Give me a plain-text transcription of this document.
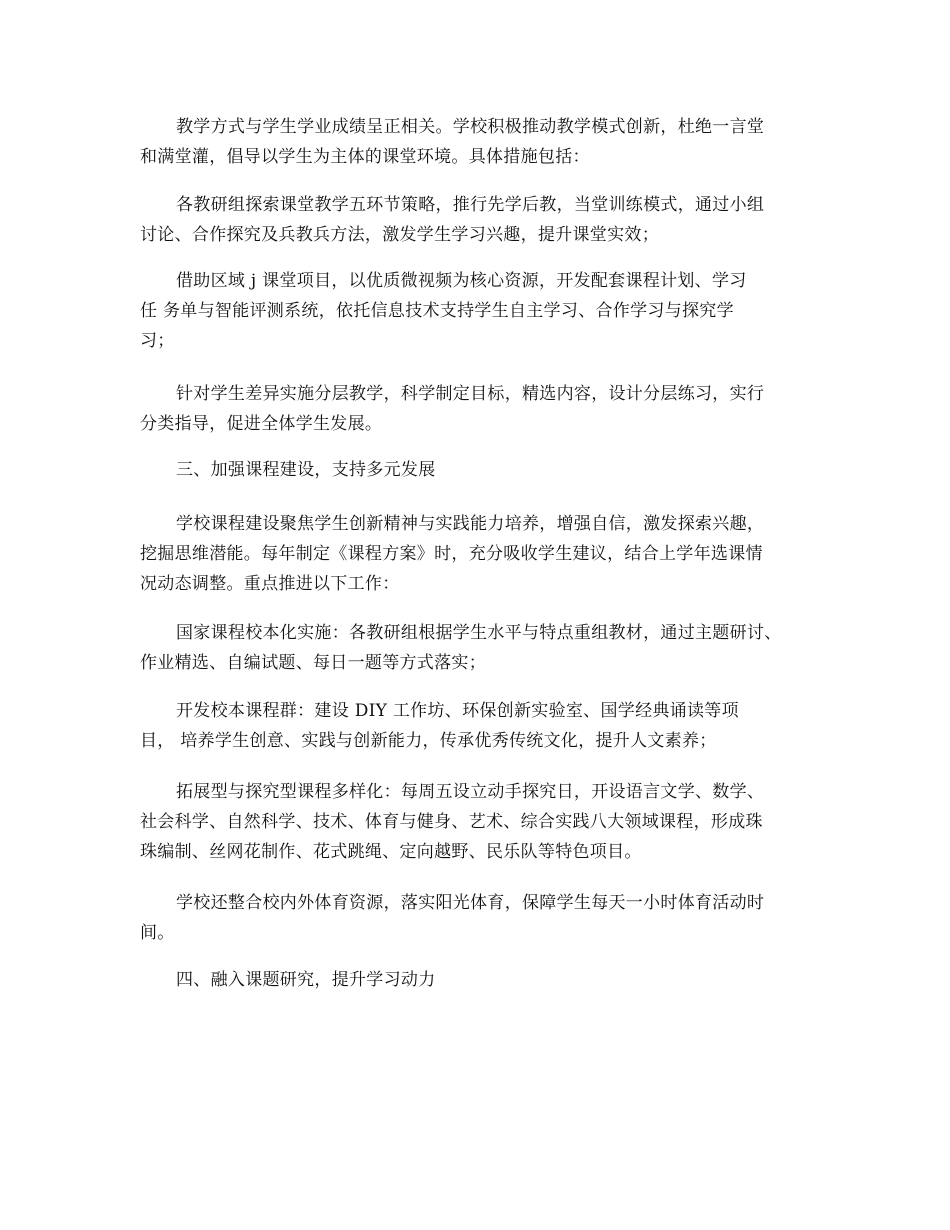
教学方式与学生学业成绩呈正相关。学校积极推动教学模式创新，杜绝一言堂
和满堂灌，倡导以学生为主体的课堂环境。具体措施包括：

各教研组探索课堂教学五环节策略，推行先学后教，当堂训练模式，通过小组
讨论、合作探究及兵教兵方法，激发学生学习兴趣，提升课堂实效；

借助区域 j 课堂项目，以优质微视频为核心资源，开发配套课程计划、学习
任 务单与智能评测系统，依托信息技术支持学生自主学习、合作学习与探究学
习；

针对学生差异实施分层教学，科学制定目标，精选内容，设计分层练习，实行
分类指导，促进全体学生发展。

三、加强课程建设，支持多元发展

学校课程建设聚焦学生创新精神与实践能力培养，增强自信，激发探索兴趣，
挖掘思维潜能。每年制定《课程方案》时，充分吸收学生建议，结合上学年选课情
况动态调整。重点推进以下工作：

国家课程校本化实施：各教研组根据学生水平与特点重组教材，通过主题研讨、
作业精选、自编试题、每日一题等方式落实；

开发校本课程群：建设 DIY 工作坊、环保创新实验室、国学经典诵读等项
目， 培养学生创意、实践与创新能力，传承优秀传统文化，提升人文素养；

拓展型与探究型课程多样化：每周五设立动手探究日，开设语言文学、数学、
社会科学、自然科学、技术、体育与健身、艺术、综合实践八大领域课程，形成珠
珠编制、丝网花制作、花式跳绳、定向越野、民乐队等特色项目。

学校还整合校内外体育资源，落实阳光体育，保障学生每天一小时体育活动时
间。

四、融入课题研究，提升学习动力
